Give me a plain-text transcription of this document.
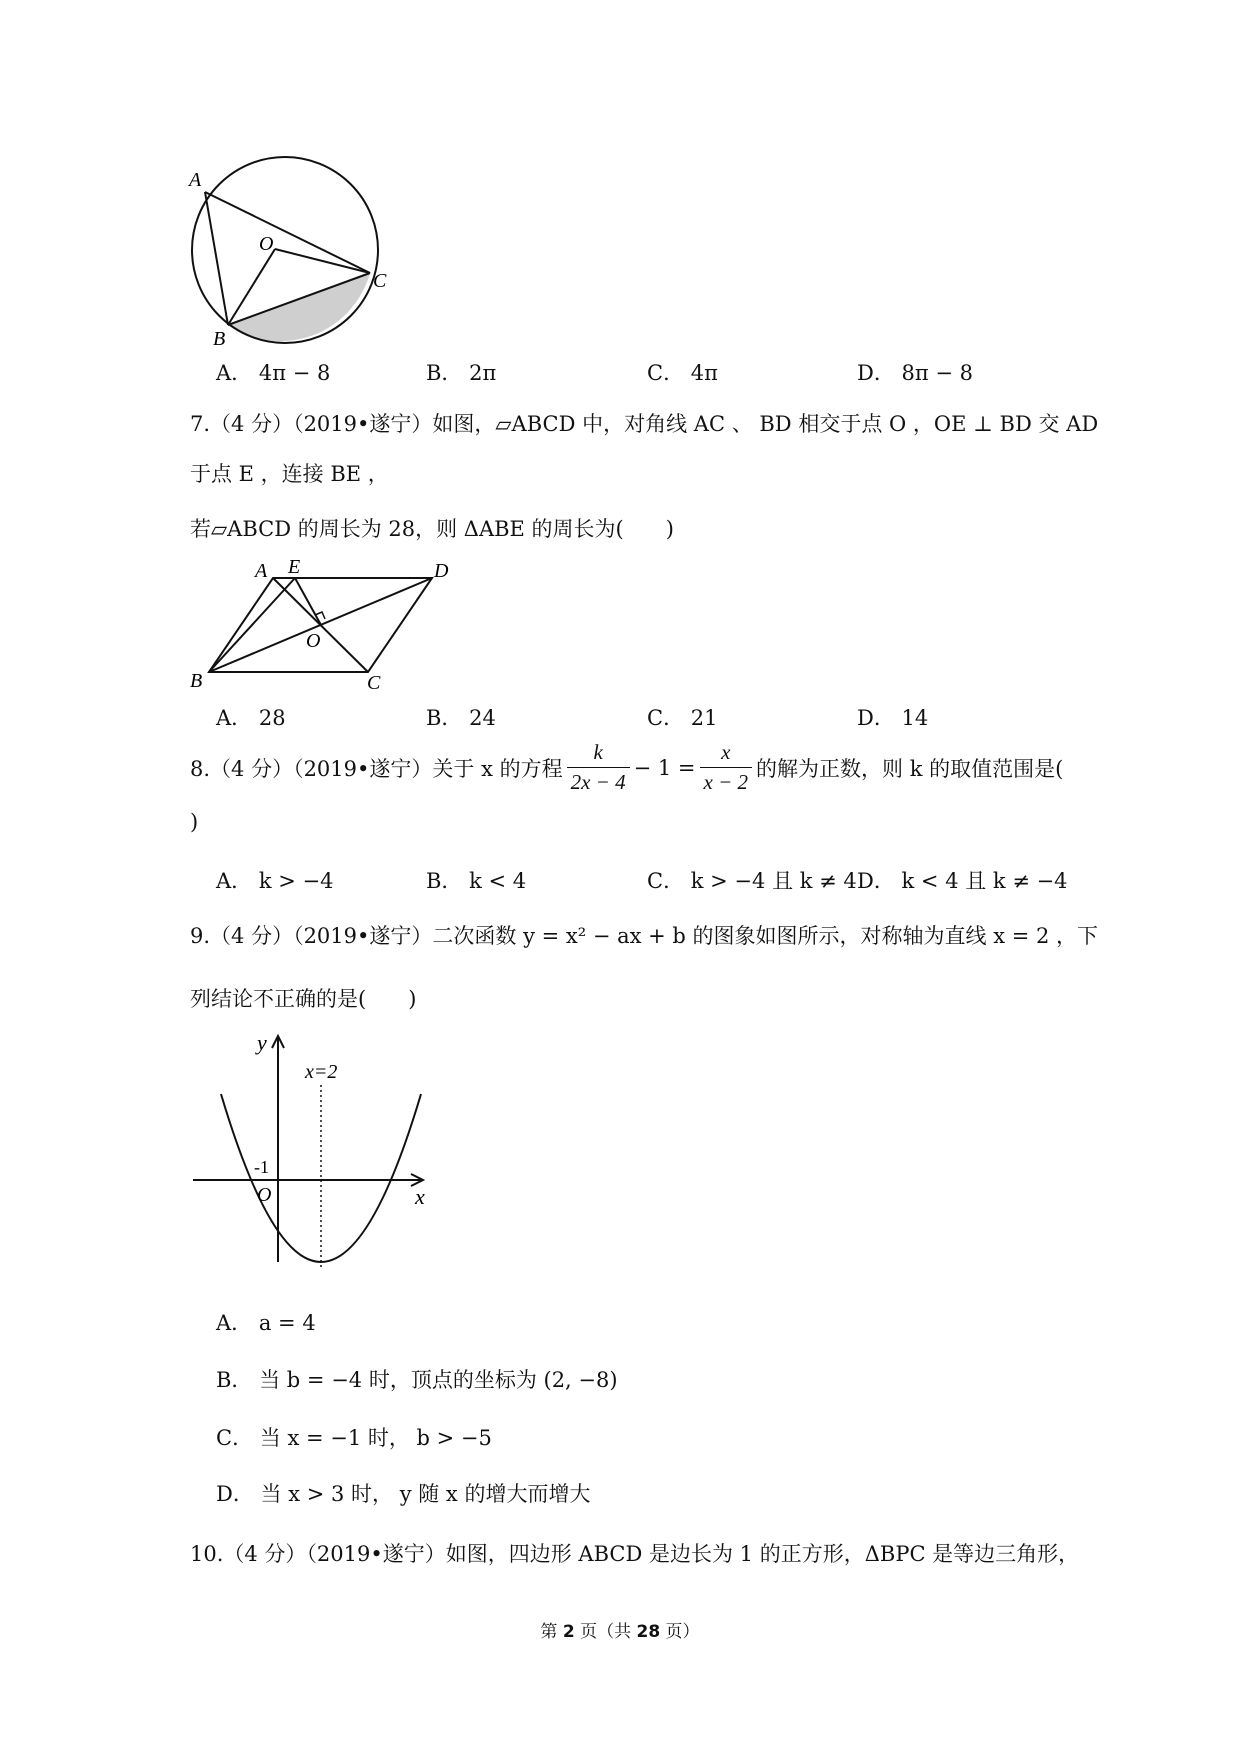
A
O
C
B
A． 4π − 8	B． 2π	C． 4π	D． 8π − 8
7.（4 分）（2019•遂宁）如图，▱ABCD 中，对角线 AC 、 BD 相交于点 O ，OE ⊥ BD 交 AD
于点 E ，连接 BE ，
若▱ABCD 的周长为 28，则 ΔABE 的周长为(　　)
A E	D
O
B	C
A． 28	B． 24	C． 21	D． 14
8.（4 分）（2019•遂宁）关于 x 的方程 $\frac{k}{2x - 4} - 1 = \frac{x}{x - 2}$ 的解为正数，则 k 的取值范围是(
)
A． k > −4	B． k < 4	C． k > −4 且 k ≠ 4 D． k < 4 且 k ≠ −4
9.（4 分）（2019•遂宁）二次函数 y = x² − ax + b 的图象如图所示，对称轴为直线 x = 2 ，下
列结论不正确的是(　　)
y
x
x=2
-1
O
A． a = 4
B． 当 b = −4 时，顶点的坐标为 (2, −8)
C． 当 x = −1 时， b > −5
D． 当 x > 3 时， y 随 x 的增大而增大
10.（4 分）（2019•遂宁）如图，四边形 ABCD 是边长为 1 的正方形，ΔBPC 是等边三角形，
第 2 页（共 28 页）
